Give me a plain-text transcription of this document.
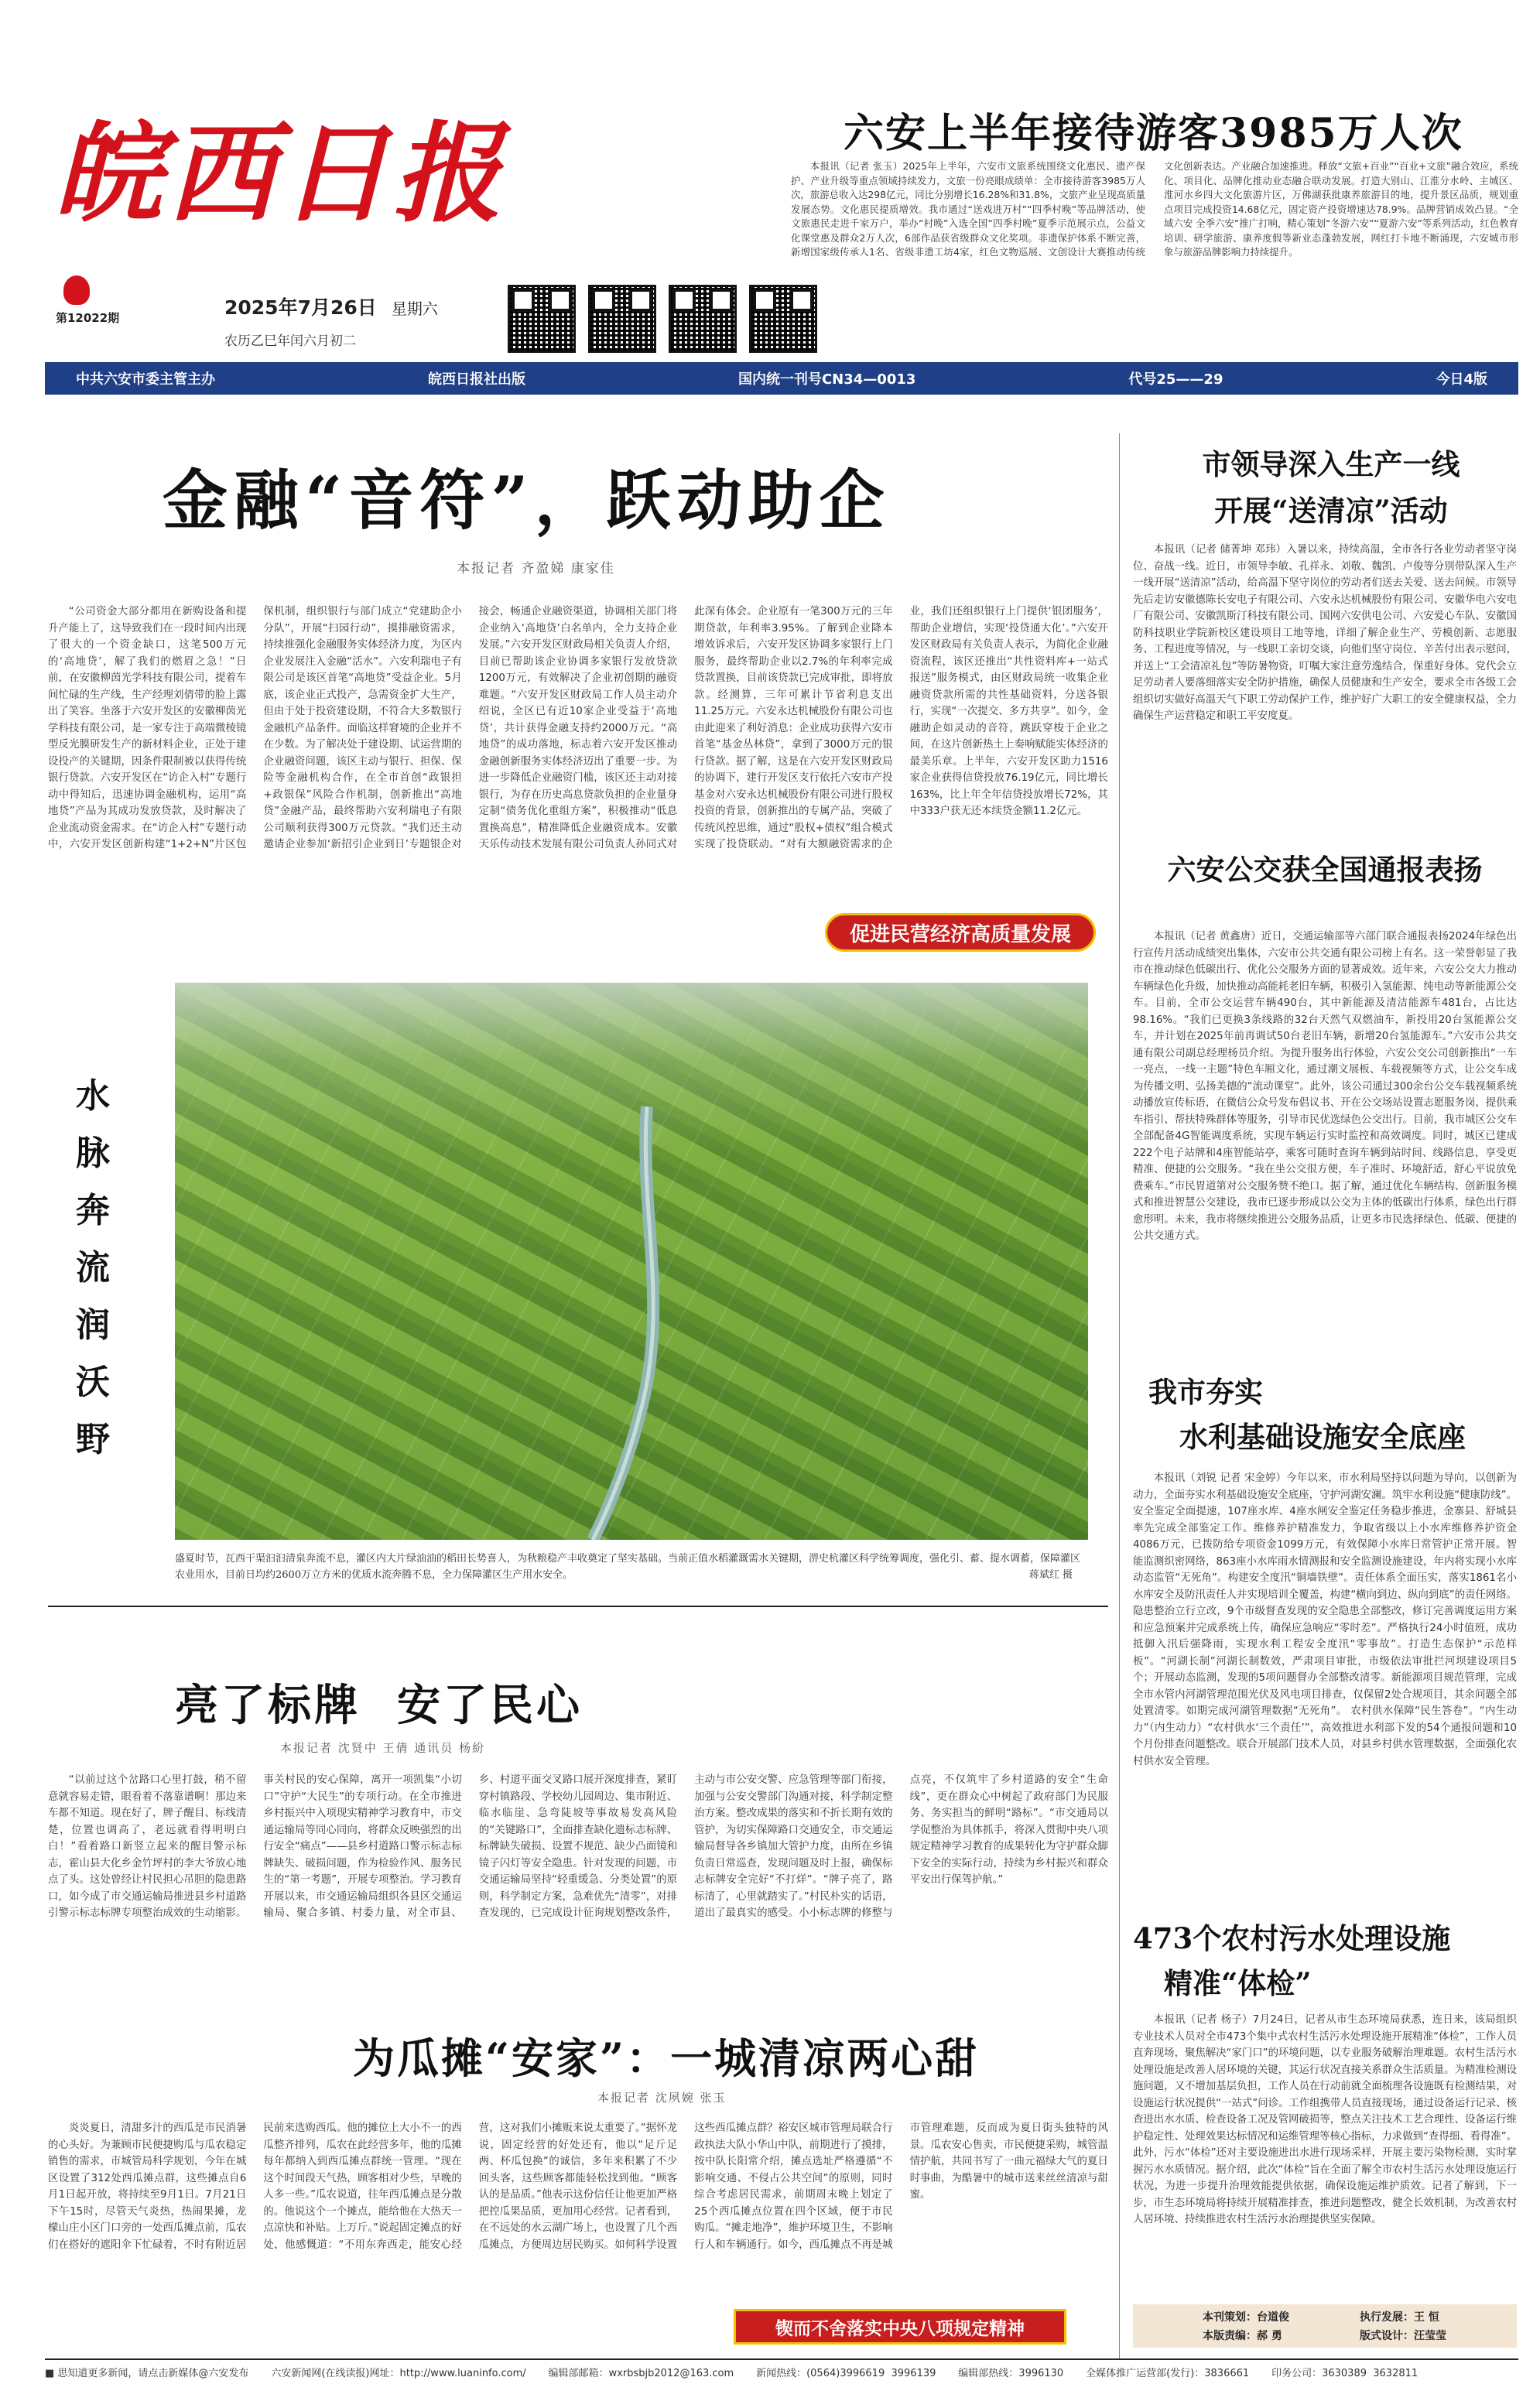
皖西日报
第12022期	2025年7月26日 星期六
农历乙巳年闰六月初二
六安上半年接待游客3985万人次
本报讯（记者 张玉）2025年上半年，六安市文旅系统围绕文化惠民、遗产保护、产业升级等重点领域持续发力，文旅一份亮眼成绩单：全市接待游客3985万人次，旅游总收入达298亿元，同比分别增长16.28%和31.8%，文旅产业呈现高质量发展态势。文化惠民提质增效。我市通过“送戏进万村”“四季村晚”等品牌活动，使文旅惠民走进千家万户，举办“村晚”入选全国“四季村晚”夏季示范展示点，公益文化课堂惠及群众2万人次，6部作品获省级群众文化奖项。非遗保护体系不断完善，新增国家级传承人1名、省级非遗工坊4家，红色文物巡展、文创设计大赛推动传统文化创新表达。产业融合加速推进。释放“文旅+百业”“百业+文旅”融合效应，系统化、项目化、品牌化推动业态融合联动发展。打造大别山、江淮分水岭、主城区、淮河水乡四大文化旅游片区，万佛湖获批康养旅游目的地，提升景区品质，规划重点项目完成投资14.68亿元，固定资产投资增速达78.9%。品牌营销成效凸显。“全域六安 全季六安”推广打响，精心策划“冬游六安”“夏游六安”等系列活动，红色教育培训、研学旅游、康养度假等新业态蓬勃发展，网红打卡地不断涌现，六安城市形象与旅游品牌影响力持续提升。
中共六安市委主管主办	皖西日报社出版	国内统一刊号CN34—0013	代号25——29	今日4版
金融“音符”，跃动助企
本报记者 齐盈娣 康家佳
“公司资金大部分都用在新购设备和提升产能上了，这导致我们在一段时间内出现了很大的一个资金缺口，这笔500万元的‘高地贷’，解了我们的燃眉之急！”日前，在安徽柳茵光学科技有限公司，提着车间忙碌的生产线，生产经理刘倩带的脸上露出了笑容。坐落于六安开发区的安徽柳茵光学科技有限公司，是一家专注于高端微棱镜型反光膜研发生产的新材料企业，正处于建设投产的关键期，因条件限制被以获得传统银行贷款。六安开发区在“访企入村”专题行动中得知后，迅速协调金融机构，运用“高地贷”产品为其成功发放贷款，及时解决了企业流动资金需求。在“访企入村”专题行动中，六安开发区创新构建“1+2+N”片区包保机制，组织银行与部门成立“党建助企小分队”，开展“扫园行动”，摸排融资需求，持续推强化金融服务实体经济力度，为区内企业发展注入金融“活水”。六安利瑞电子有限公司是该区首笔“高地贷”受益企业。5月底，该企业正式投产，急需资金扩大生产，但由于处于投资建设期，不符合大多数银行金融机产品条件。面临这样窘境的企业并不在少数。为了解决处于建设期、试运营期的企业融资问题，该区主动与银行、担保、保险等金融机构合作，在全市首创“政银担+政银保”风险合作机制，创新推出“高地贷”金融产品，最终帮助六安利瑞电子有限公司顺利获得300万元贷款。“我们还主动邀请企业参加‘新招引企业到日’专题银企对接会，畅通企业融资渠道，协调相关部门将企业纳入‘高地贷’白名单内，全力支持企业发展。”六安开发区财政局相关负责人介绍，目前已帮助该企业协调多家银行发放贷款1200万元，有效解决了企业初创期的融资难题。“六安开发区财政局工作人员主动介绍说，全区已有近10家企业受益于‘高地贷’，共计获得金融支持约2000万元。“高地贷”的成功落地，标志着六安开发区推动金融创新服务实体经济迈出了重要一步。为进一步降低企业融资门槛，该区还主动对接银行，为存在历史高息贷款负担的企业量身定制“债务优化重组方案”，积极推动“低息置换高息”，精准降低企业融资成本。安徽天乐传动技术发展有限公司负责人孙同式对此深有体会。企业原有一笔300万元的三年期贷款，年利率3.95%。了解到企业降本增效诉求后，六安开发区协调多家银行上门服务，最终帮助企业以2.7%的年利率完成贷款置换，目前该贷款已完成审批，即将放款。经测算，三年可累计节省利息支出11.25万元。六安永达机械股份有限公司也由此迎来了利好消息：企业成功获得六安市首笔“基金丛林贷”，拿到了3000万元的银行贷款。据了解，这是在六安开发区财政局的协调下，建行开发区支行依托六安市产投基金对六安永达机械股份有限公司进行股权投资的背景，创新推出的专属产品，突破了传统风控思维，通过“股权+债权”组合模式实现了投贷联动。“对有大额融资需求的企业，我们还组织银行上门提供‘银团服务’，帮助企业增信，实现‘投贷通大化’。”六安开发区财政局有关负责人表示，为简化企业融资流程，该区还推出“共性资料库+一站式报送”服务模式，由区财政局统一收集企业融资贷款所需的共性基础资料，分送各银行，实现“一次提交、多方共享”。如今，金融助企如灵动的音符，跳跃穿梭于企业之间，在这片创新热土上奏响赋能实体经济的最美乐章。上半年，六安开发区助力1516家企业获得信贷投放76.19亿元，同比增长163%，比上年全年信贷投放增长72%，其中333户获无还本续贷金额11.2亿元。
促进民营经济高质量发展
水
脉
奔
流
润
沃
野
盛夏时节，瓦西干渠汩汩清泉奔流不息，灌区内大片绿油油的稻田长势喜人，为秋粮稳产丰收奠定了坚实基础。当前正值水稻灌溉需水关键期，淠史杭灌区科学统筹调度，强化引、蓄、提水调蓄，保障灌区农业用水，目前日均约2600万立方米的优质水流奔腾不息，全力保障灌区生产用水安全。	蒋斌红 摄
亮了标牌  安了民心
本报记者 沈贤中 王倩 通讯员 杨紛
“以前过这个岔路口心里打鼓，稍不留意就容易走错，眼看着不落靠谱啊！那边来车都不知道。现在好了，牌子醒目、标线清楚，位置也调高了，老远就看得明明白白！”看着路口新竖立起来的醒目警示标志，霍山县大化乡金竹坪村的李大爷放心地点了头。这处曾经让村民担心吊胆的隐患路口，如今成了市交通运输局推进县乡村道路引警示标志标牌专项整治成效的生动缩影。事关村民的安心保障，离开一项凯集“小切口”守护“大民生”的专项行动。在全市推进乡村振兴中入项现实精神学习教育中，市交通运输局等同心同向，将群众反映强烈的出行安全“痛点”——县乡村道路口警示标志标牌缺失、破损问题，作为检验作风、服务民生的“第一考题”，开展专项整治。学习教育开展以来，市交通运输局组织各县区交通运输局、聚合多镇、村委力量，对全市县、乡、村道平面交叉路口展开深度排查，紧盯穿村镇路段、学校幼儿园周边、集市附近、临水临崖、急弯陡坡等事故易发高风险的“关键路口”，全面排查缺化遗标志标牌、标牌缺失破损、设置不规范、缺少凸面镜和镜子闪灯等安全隐患。针对发现的问题，市交通运输局坚持“轻重缓急、分类处置”的原则，科学制定方案，急难优先“清零”，对排查发现的，已完成设计征询规划整改条件，主动与市公安交警、应急管理等部门衔接，加强与公安交警部门沟通对接，科学制定整治方案。整改成果的落实和不折长期有效的管护，为切实保障路口交通安全，市交通运输局督导各乡镇加大管护力度，由所在乡镇负责日常巡查，发现问题及时上报，确保标志标牌安全完好“不打烊”。“牌子亮了，路标清了，心里就踏实了。”村民朴实的话语，道出了最真实的感受。小小标志牌的修整与点亮，不仅筑牢了乡村道路的安全“生命线”，更在群众心中树起了政府部门为民服务、务实担当的鲜明“路标”。“市交通局以学促整治为具体抓手，将深入贯彻中央八项规定精神学习教育的成果转化为守护群众脚下安全的实际行动，持续为乡村振兴和群众平安出行保驾护航。”
为瓜摊“安家”：一城清凉两心甜
本报记者 沈夙婉 张玉
炎炎夏日，清甜多汁的西瓜是市民消暑的心头好。为兼顾市民便捷购瓜与瓜农稳定销售的需求，市城管局科学规划，今年在城区设置了312处西瓜摊点群，这些摊点自6月1日起开放，将持续至9月1日。7月21日下午15时，尽管天气炎热，热闹果摊，龙檬山庄小区门口旁的一处西瓜摊点前，瓜农们在搭好的遮阳伞下忙碌着，不时有附近居民前来选购西瓜。他的摊位上大小不一的西瓜整齐排列，瓜农在此经营多年，他的瓜摊每年都纳入到西瓜摊点群统一管理。“现在这个时间段天气热，顾客相对少些，早晚的人多一些。”瓜农说道，往年西瓜摊点是分散的。他说这个一个摊点，能给他在大热天一点凉快和补贴。上万斤。”说起固定摊点的好处，他感慨道：“不用东奔西走，能安心经营，这对我们小摊贩来说太重要了。”据怀龙说，固定经营的好处还有，他以“足斤足两、杯瓜包换”的诚信，多年来积累了不少回头客，这些顾客都能轻松找到他。“顾客认的是品质。”他表示这份信任让他更加严格把控瓜果品质，更加用心经营。记者看到，在不远处的水云湖广场上，也设置了几个西瓜摊点，方便周边居民购买。如何科学设置这些西瓜摊点群？裕安区城市管理局联合行政执法大队小华山中队，前期进行了摸排，按中队长阳常介绍，摊点选址严格遵循“不影响交通、不侵占公共空间”的原则，同时综合考虑居民需求，前期周末晚上划定了25个西瓜摊点位置在四个区域，便于市民购瓜。“摊走地净”，维护环境卫生，不影响行人和车辆通行。如今，西瓜摊点不再是城市管理难题，反而成为夏日街头独特的风景。瓜农安心售卖，市民便捷采购，城管温情护航，共同书写了一曲元福绿大气的夏日时事曲，为酷暑中的城市送来丝丝清凉与甜蜜。
锲而不舍落实中央八项规定精神
市领导深入生产一线
开展“送清凉”活动
本报讯（记者 储菁坤 邓玮）入暑以来，持续高温，全市各行各业劳动者坚守岗位、奋战一线。近日，市领导李敏、孔祥永、刘敬、魏凯、卢俊等分别带队深入生产一线开展“送清凉”活动，给高温下坚守岗位的劳动者们送去关爱、送去问候。市领导先后走访安徽德陈长安电子有限公司、六安永达机械股份有限公司、安徽华电六安电厂有限公司、安徽凯斯汀科技有限公司、国网六安供电公司、六安爱心车队、安徽国防科技职业学院新校区建设项目工地等地，详细了解企业生产、劳模创新、志愿服务、工程进度等情况，与一线职工亲切交谈，向他们坚守岗位、辛苦付出表示慰问，并送上“工会清凉礼包”等防暑物资，叮嘱大家注意劳逸结合，保重好身体。党代会立足劳动者人要落细落实安全防护措施，确保人员健康和生产安全，要求全市各级工会组织切实做好高温天气下职工劳动保护工作，维护好广大职工的安全健康权益，全力确保生产运营稳定和职工平安度夏。
六安公交获全国通报表扬
本报讯（记者 黄鑫唐）近日，交通运输部等六部门联合通报表扬2024年绿色出行宣传月活动成绩突出集体，六安市公共交通有限公司榜上有名。这一荣誉彰显了我市在推动绿色低碳出行、优化公交服务方面的显著成效。近年来，六安公交大力推动车辆绿色化升级，加快推动高能耗老旧车辆，积极引入氢能源、纯电动等新能源公交车。目前，全市公交运营车辆490台，其中新能源及清洁能源车481台，占比达98.16%。“我们已更换3条线路的32台天然气双燃油车，新投用20台氢能源公交车，并计划在2025年前再调试50台老旧车辆，新增20台氢能源车。”六安市公共交通有限公司副总经理杨员介绍。为提升服务出行体验，六安公交公司创新推出“一车一亮点，一线一主题”特色车厢文化，通过潮文展板、车载视频等方式，让公交车成为传播文明、弘扬美德的“流动课堂”。此外，该公司通过300余台公交车载视频系统动播放宣传标语，在微信公众号发布倡议书、开在公交场站设置志愿服务岗，提供乘车指引、帮扶特殊群体等服务，引导市民优选绿色公交出行。目前，我市城区公交车全部配备4G智能调度系统，实现车辆运行实时监控和高效调度。同时，城区已建成222个电子站牌和4座智能站亭，乘客可随时查询车辆到站时间、线路信息，享受更精准、便捷的公交服务。“我在坐公交很方便，车子准时、环境舒适，舒心平说放免费乘车。”市民胃道第对公交服务赞不绝口。据了解，通过优化车辆结构、创新服务模式和推进智慧公交建设，我市已逐步形成以公交为主体的低碳出行体系，绿色出行群愈形明。未来，我市将继续推进公交服务品质，让更多市民选择绿色、低碳、便捷的公共交通方式。
我市夯实
水利基础设施安全底座
本报讯（刘锐 记者 宋金婷）今年以来，市水利局坚持以问题为导向，以创新为动力，全面夯实水利基础设施安全底座，守护河湖安澜。筑牢水利设施“健康防线”。安全鉴定全面提速，107座水库、4座水闸安全鉴定任务稳步推进，金寨县、舒城县率先完成全部鉴定工作。维修养护精准发力，争取省级以上小水库维修养护资金4086万元，已拨防给专项资金1099万元，有效保障小水库日常管护正常开展。智能监测织密网络，863座小水库雨水情测报和安全监测设施建设，年内将实现小水库动态监管“无死角”。构建安全度汛“铜墙铁壁”。责任体系全面压实，落实1861名小水库安全及防汛责任人并实现培训全覆盖，构建“横向到边、纵向到底”的责任网络。隐患整治立行立改，9个市级督查发现的安全隐患全部整改，修订完善调度运用方案和应急预案并完成系统上传，确保应急响应“零时差”。严格执行24小时值班，成功抵御入汛后强降雨，实现水利工程安全度汛“零事故”。打造生态保护“示范样板”。“河湖长制”河湖长制数效，严肃项目审批，市级依法审批拦河坝建设项目5个；开展动态监测，发现的5项问题督办全部整改清零。新能源项目规范管理，完成全市水管内河湖管理范围光伏及风电项目排查，仅保留2处合规项目，其余问题全部处置清零。如期完成河湖管理数据“无死角”。 农村供水保障“民生答卷”。“内生动力”（内生动力）“农村供水‘三个责任’”，高效推进水利部下发的54个通报问题和10个月份排查问题整改。联合开展部门技术人员，对县乡村供水管理数据，全面强化农村供水安全管理。
473个农村污水处理设施
精准“体检”
本报讯（记者 杨子）7月24日，记者从市生态环境局获悉，连日来，该局组织专业技术人员对全市473个集中式农村生活污水处理设施开展精准“体检”，工作人员直奔现场，聚焦解决“家门口”的环境问题，以专业服务破解治理难题。农村生活污水处理设施是改善人居环境的关键，其运行状况直接关系群众生活质量。为精准检测设施问题，又不增加基层负担，工作人员在行动前就全面梳理各设施既有检测结果，对设施运行状况提供“一站式”问诊。工作组携带人员直接现场，通过设备运行记录、核查进出水水质、检查设备工况及管网破损等，整点关注技术工艺合理性、设备运行维护稳定性、处理效果达标情况和运维管理等核心指标，力求做到“查得细、看得准”。此外，污水“体检”还对主要设施进出水进行现场采样，开展主要污染物检测，实时掌握污水水质情况。据介绍，此次“体检”旨在全面了解全市农村生活污水处理设施运行状况，为进一步提升治理效能提供依据，确保设施运维护质效。记者了解到，下一步，市生态环境局将持续开展精准排查，推进问题整改，健全长效机制，为改善农村人居环境、持续推进农村生活污水治理提供坚实保障。
本刊策划：台道俊	执行发展：王 恒
本版责编：郝 勇	版式设计：汪莹莹
■ 思知道更多新闻，请点击新媒体@六安发布       六安新闻网(在线读报)网址：http://www.luaninfo.com/       编辑部邮箱：wxrbsbjb2012@163.com       新闻热线：(0564)3996619  3996139       编辑部热线：3996130       全媒体推广运营部(发行)：3836661       印务公司：3630389  3632811
